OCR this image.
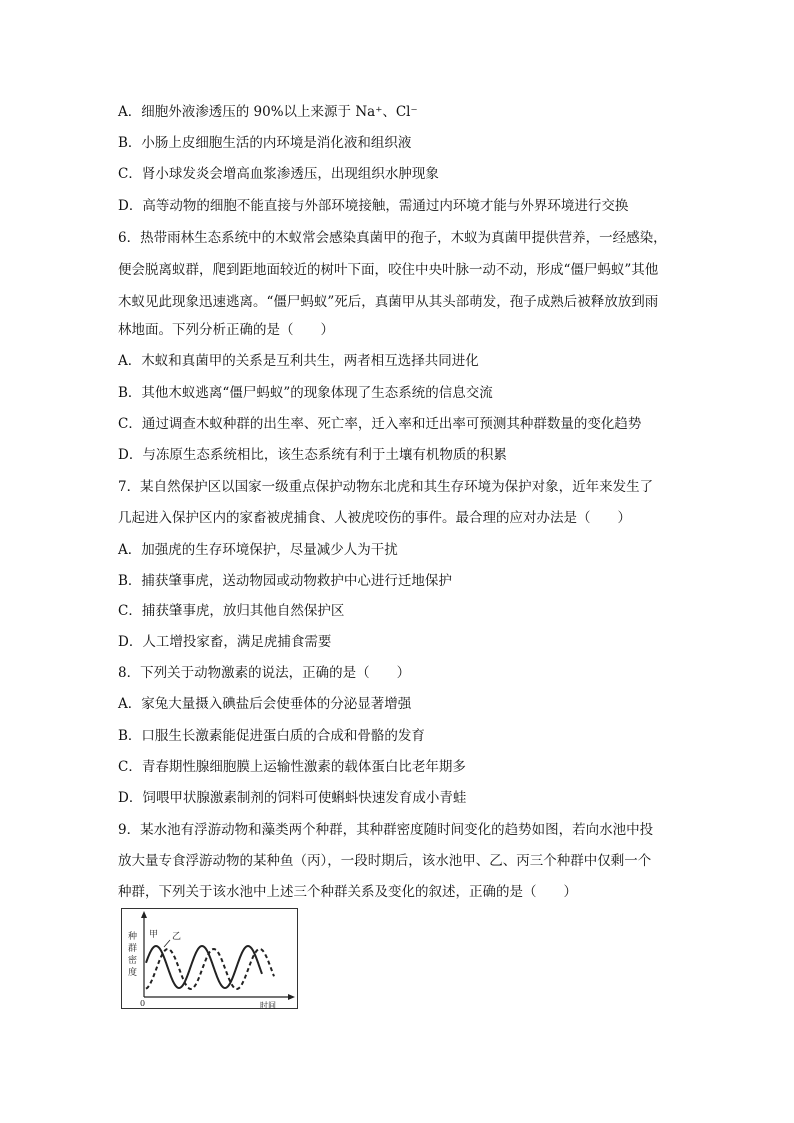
A．细胞外液渗透压的 90%以上来源于 Na⁺、Cl⁻
B．小肠上皮细胞生活的内环境是消化液和组织液
C．肾小球发炎会增高血浆渗透压，出现组织水肿现象
D．高等动物的细胞不能直接与外部环境接触，需通过内环境才能与外界环境进行交换
6．热带雨林生态系统中的木蚁常会感染真菌甲的孢子，木蚁为真菌甲提供营养，一经感染，
便会脱离蚁群，爬到距地面较近的树叶下面，咬住中央叶脉一动不动，形成“僵尸蚂蚁”其他
木蚁见此现象迅速逃离。“僵尸蚂蚁”死后，真菌甲从其头部萌发，孢子成熟后被释放放到雨
林地面。下列分析正确的是（　　）
A．木蚁和真菌甲的关系是互利共生，两者相互选择共同进化
B．其他木蚁逃离“僵尸蚂蚁”的现象体现了生态系统的信息交流
C．通过调查木蚁种群的出生率、死亡率，迁入率和迁出率可预测其种群数量的变化趋势
D．与冻原生态系统相比，该生态系统有利于土壤有机物质的积累
7．某自然保护区以国家一级重点保护动物东北虎和其生存环境为保护对象，近年来发生了
几起进入保护区内的家畜被虎捕食、人被虎咬伤的事件。最合理的应对办法是（　　）
A．加强虎的生存环境保护，尽量减少人为干扰
B．捕获肇事虎，送动物园或动物救护中心进行迁地保护
C．捕获肇事虎，放归其他自然保护区
D．人工增投家畜，满足虎捕食需要
8．下列关于动物激素的说法，正确的是（　　）
A．家兔大量摄入碘盐后会使垂体的分泌显著增强
B．口服生长激素能促进蛋白质的合成和骨骼的发育
C．青春期性腺细胞膜上运输性激素的载体蛋白比老年期多
D．饲喂甲状腺激素制剂的饲料可使蝌蚪快速发育成小青蛙
9．某水池有浮游动物和藻类两个种群，其种群密度随时间变化的趋势如图，若向水池中投
放大量专食浮游动物的某种鱼（丙），一段时期后，该水池甲、乙、丙三个种群中仅剩一个
种群，下列关于该水池中上述三个种群关系及变化的叙述，正确的是（　　）
种
群
密
度
0	时间
甲 乙
